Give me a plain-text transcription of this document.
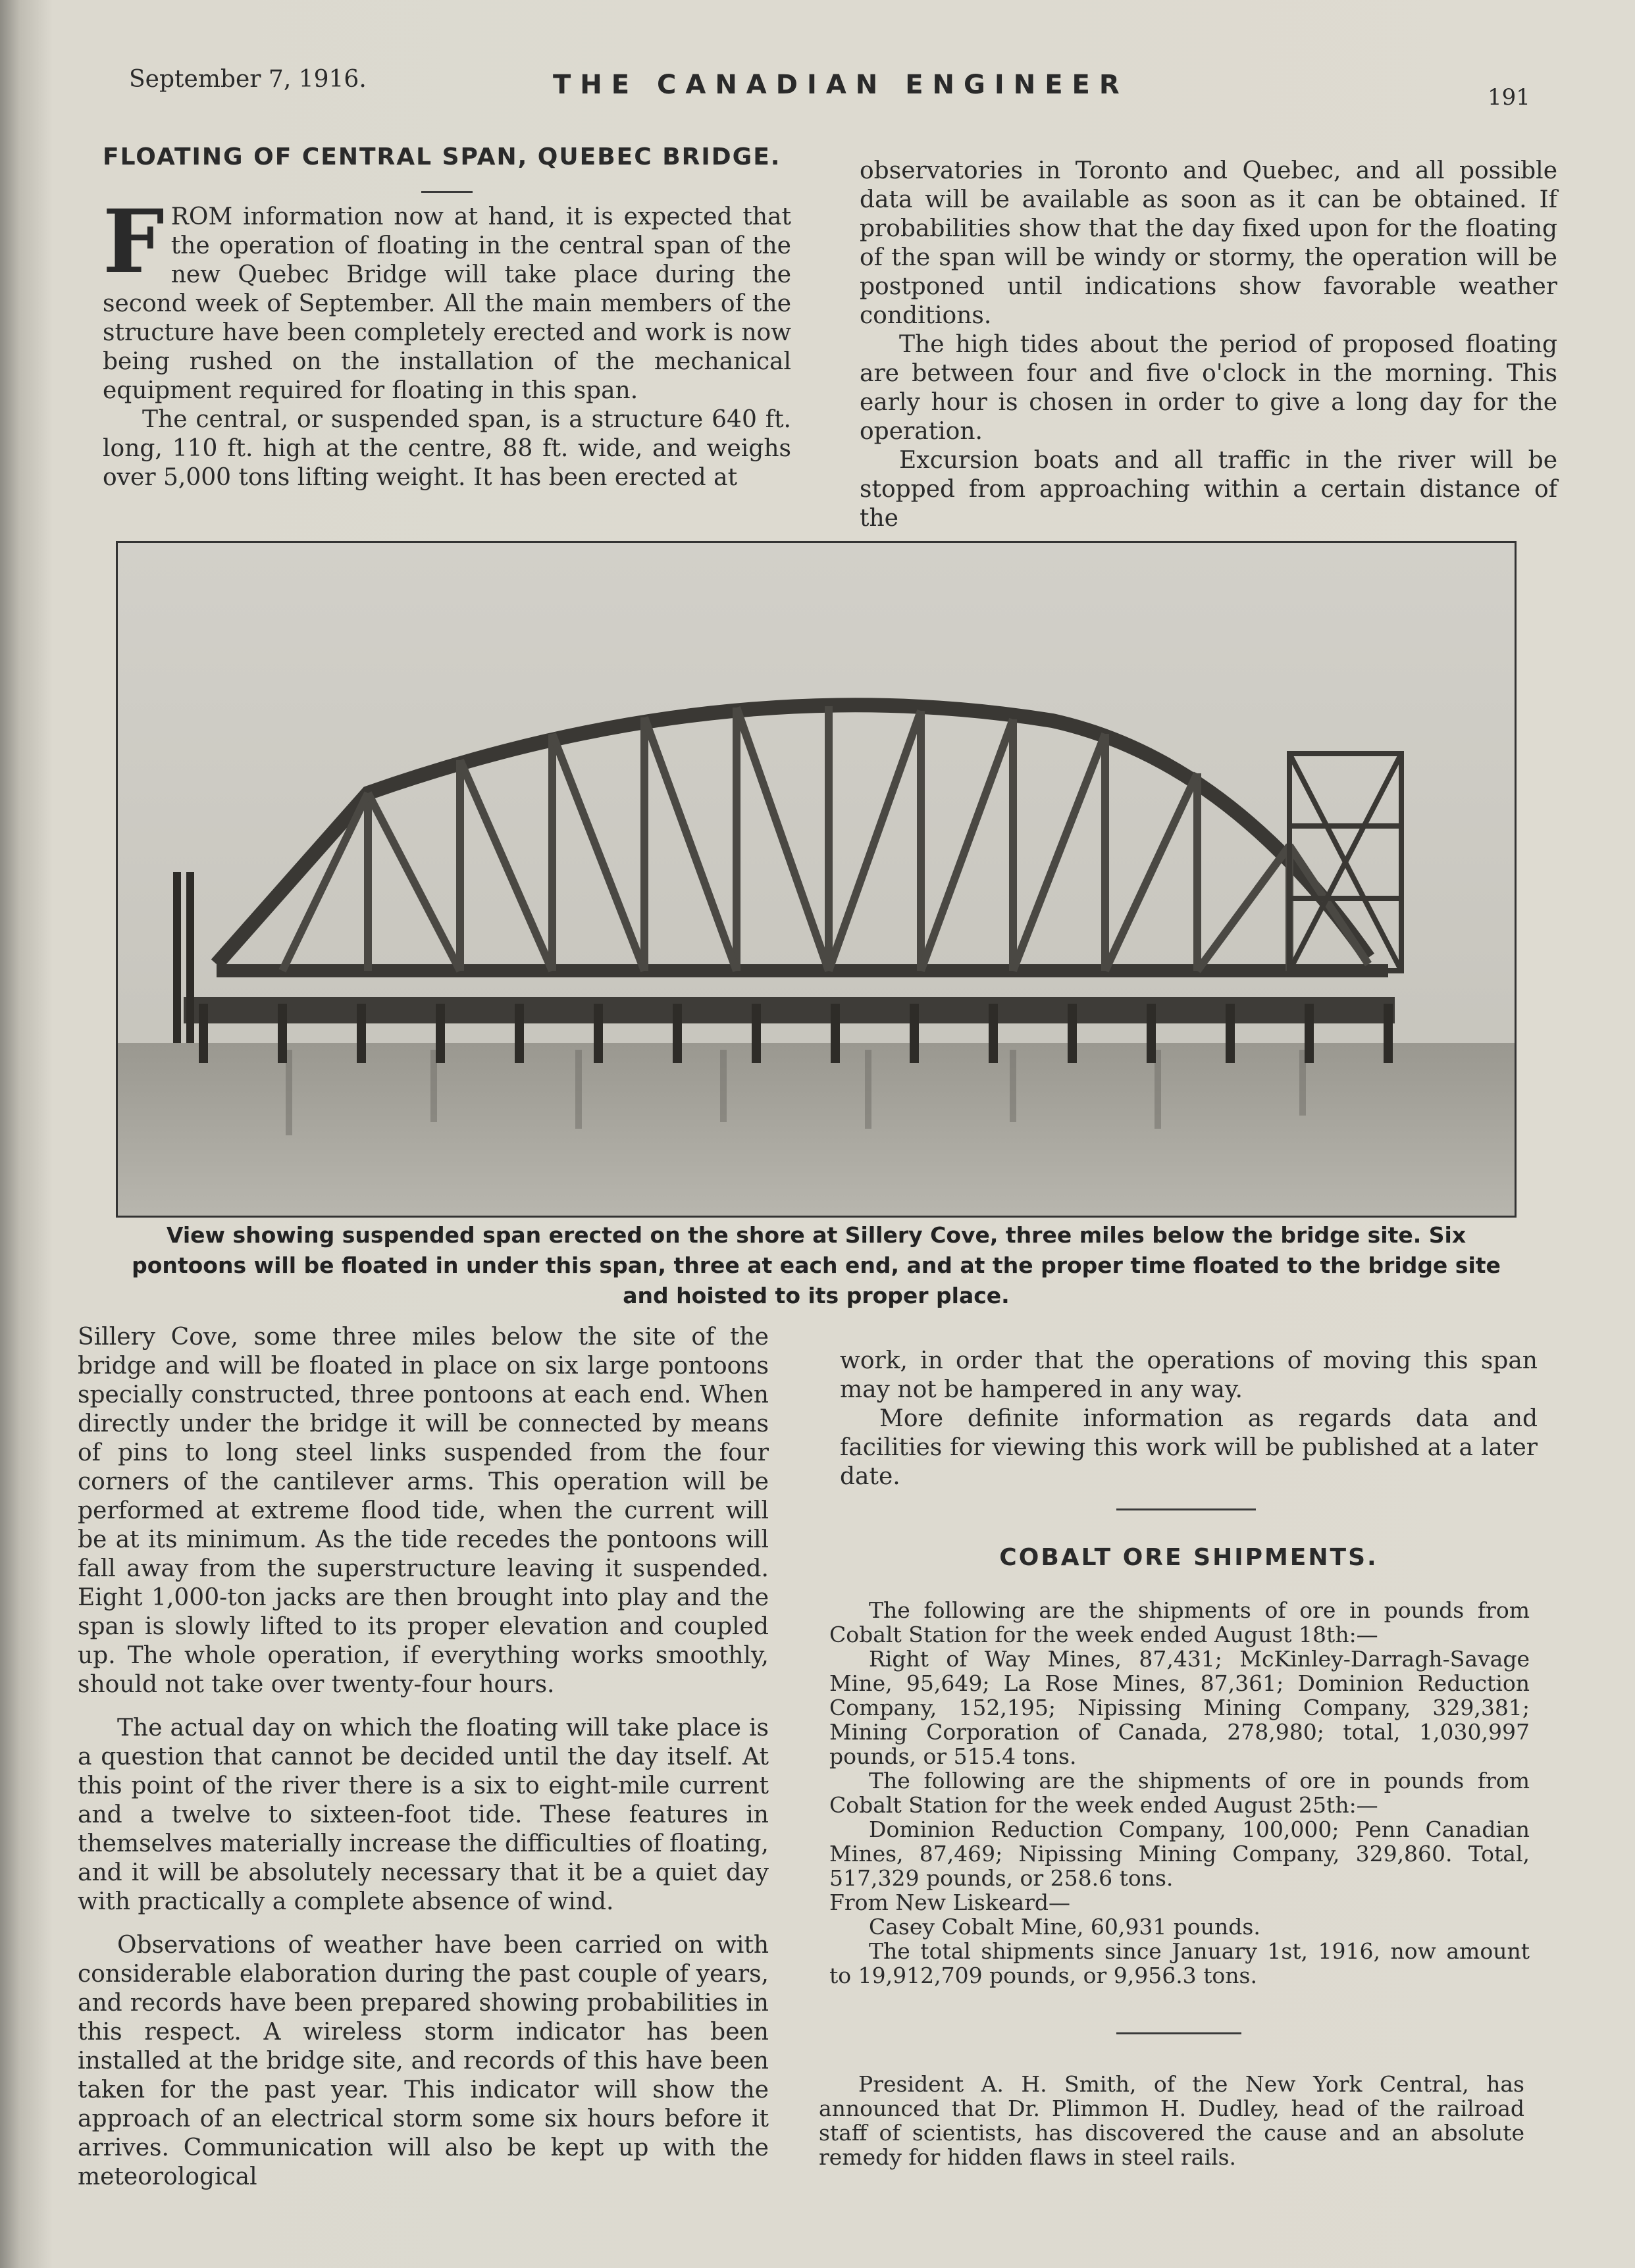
September 7, 1916.	THE CANADIAN ENGINEER	191
FLOATING OF CENTRAL SPAN, QUEBEC BRIDGE.

FROM information now at hand, it is expected that the operation of floating in the central span of the new Quebec Bridge will take place during the second week of September. All the main members of the structure have been completely erected and work is now being rushed on the installation of the mechanical equipment required for floating in this span.

The central, or suspended span, is a structure 640 ft. long, 110 ft. high at the centre, 88 ft. wide, and weighs over 5,000 tons lifting weight. It has been erected at

observatories in Toronto and Quebec, and all possible data will be available as soon as it can be obtained. If probabilities show that the day fixed upon for the floating of the span will be windy or stormy, the operation will be postponed until indications show favorable weather conditions.

The high tides about the period of proposed floating are between four and five o'clock in the morning. This early hour is chosen in order to give a long day for the operation.

Excursion boats and all traffic in the river will be stopped from approaching within a certain distance of the

View showing suspended span erected on the shore at Sillery Cove, three miles below the bridge site. Six pontoons will be floated in under this span, three at each end, and at the proper time floated to the bridge site and hoisted to its proper place.

Sillery Cove, some three miles below the site of the bridge and will be floated in place on six large pontoons specially constructed, three pontoons at each end. When directly under the bridge it will be connected by means of pins to long steel links suspended from the four corners of the cantilever arms. This operation will be performed at extreme flood tide, when the current will be at its minimum. As the tide recedes the pontoons will fall away from the superstructure leaving it suspended. Eight 1,000-ton jacks are then brought into play and the span is slowly lifted to its proper elevation and coupled up. The whole operation, if everything works smoothly, should not take over twenty-four hours.

The actual day on which the floating will take place is a question that cannot be decided until the day itself. At this point of the river there is a six to eight-mile current and a twelve to sixteen-foot tide. These features in themselves materially increase the difficulties of floating, and it will be absolutely necessary that it be a quiet day with practically a complete absence of wind.

Observations of weather have been carried on with considerable elaboration during the past couple of years, and records have been prepared showing probabilities in this respect. A wireless storm indicator has been installed at the bridge site, and records of this have been taken for the past year. This indicator will show the approach of an electrical storm some six hours before it arrives. Communication will also be kept up with the meteorological

work, in order that the operations of moving this span may not be hampered in any way.

More definite information as regards data and facilities for viewing this work will be published at a later date.

COBALT ORE SHIPMENTS.

The following are the shipments of ore in pounds from Cobalt Station for the week ended August 18th:—

Right of Way Mines, 87,431; McKinley-Darragh-Savage Mine, 95,649; La Rose Mines, 87,361; Dominion Reduction Company, 152,195; Nipissing Mining Company, 329,381; Mining Corporation of Canada, 278,980; total, 1,030,997 pounds, or 515.4 tons.

The following are the shipments of ore in pounds from Cobalt Station for the week ended August 25th:—

Dominion Reduction Company, 100,000; Penn Canadian Mines, 87,469; Nipissing Mining Company, 329,860. Total, 517,329 pounds, or 258.6 tons.

From New Liskeard—

Casey Cobalt Mine, 60,931 pounds.

The total shipments since January 1st, 1916, now amount to 19,912,709 pounds, or 9,956.3 tons.

President A. H. Smith, of the New York Central, has announced that Dr. Plimmon H. Dudley, head of the railroad staff of scientists, has discovered the cause and an absolute remedy for hidden flaws in steel rails.
